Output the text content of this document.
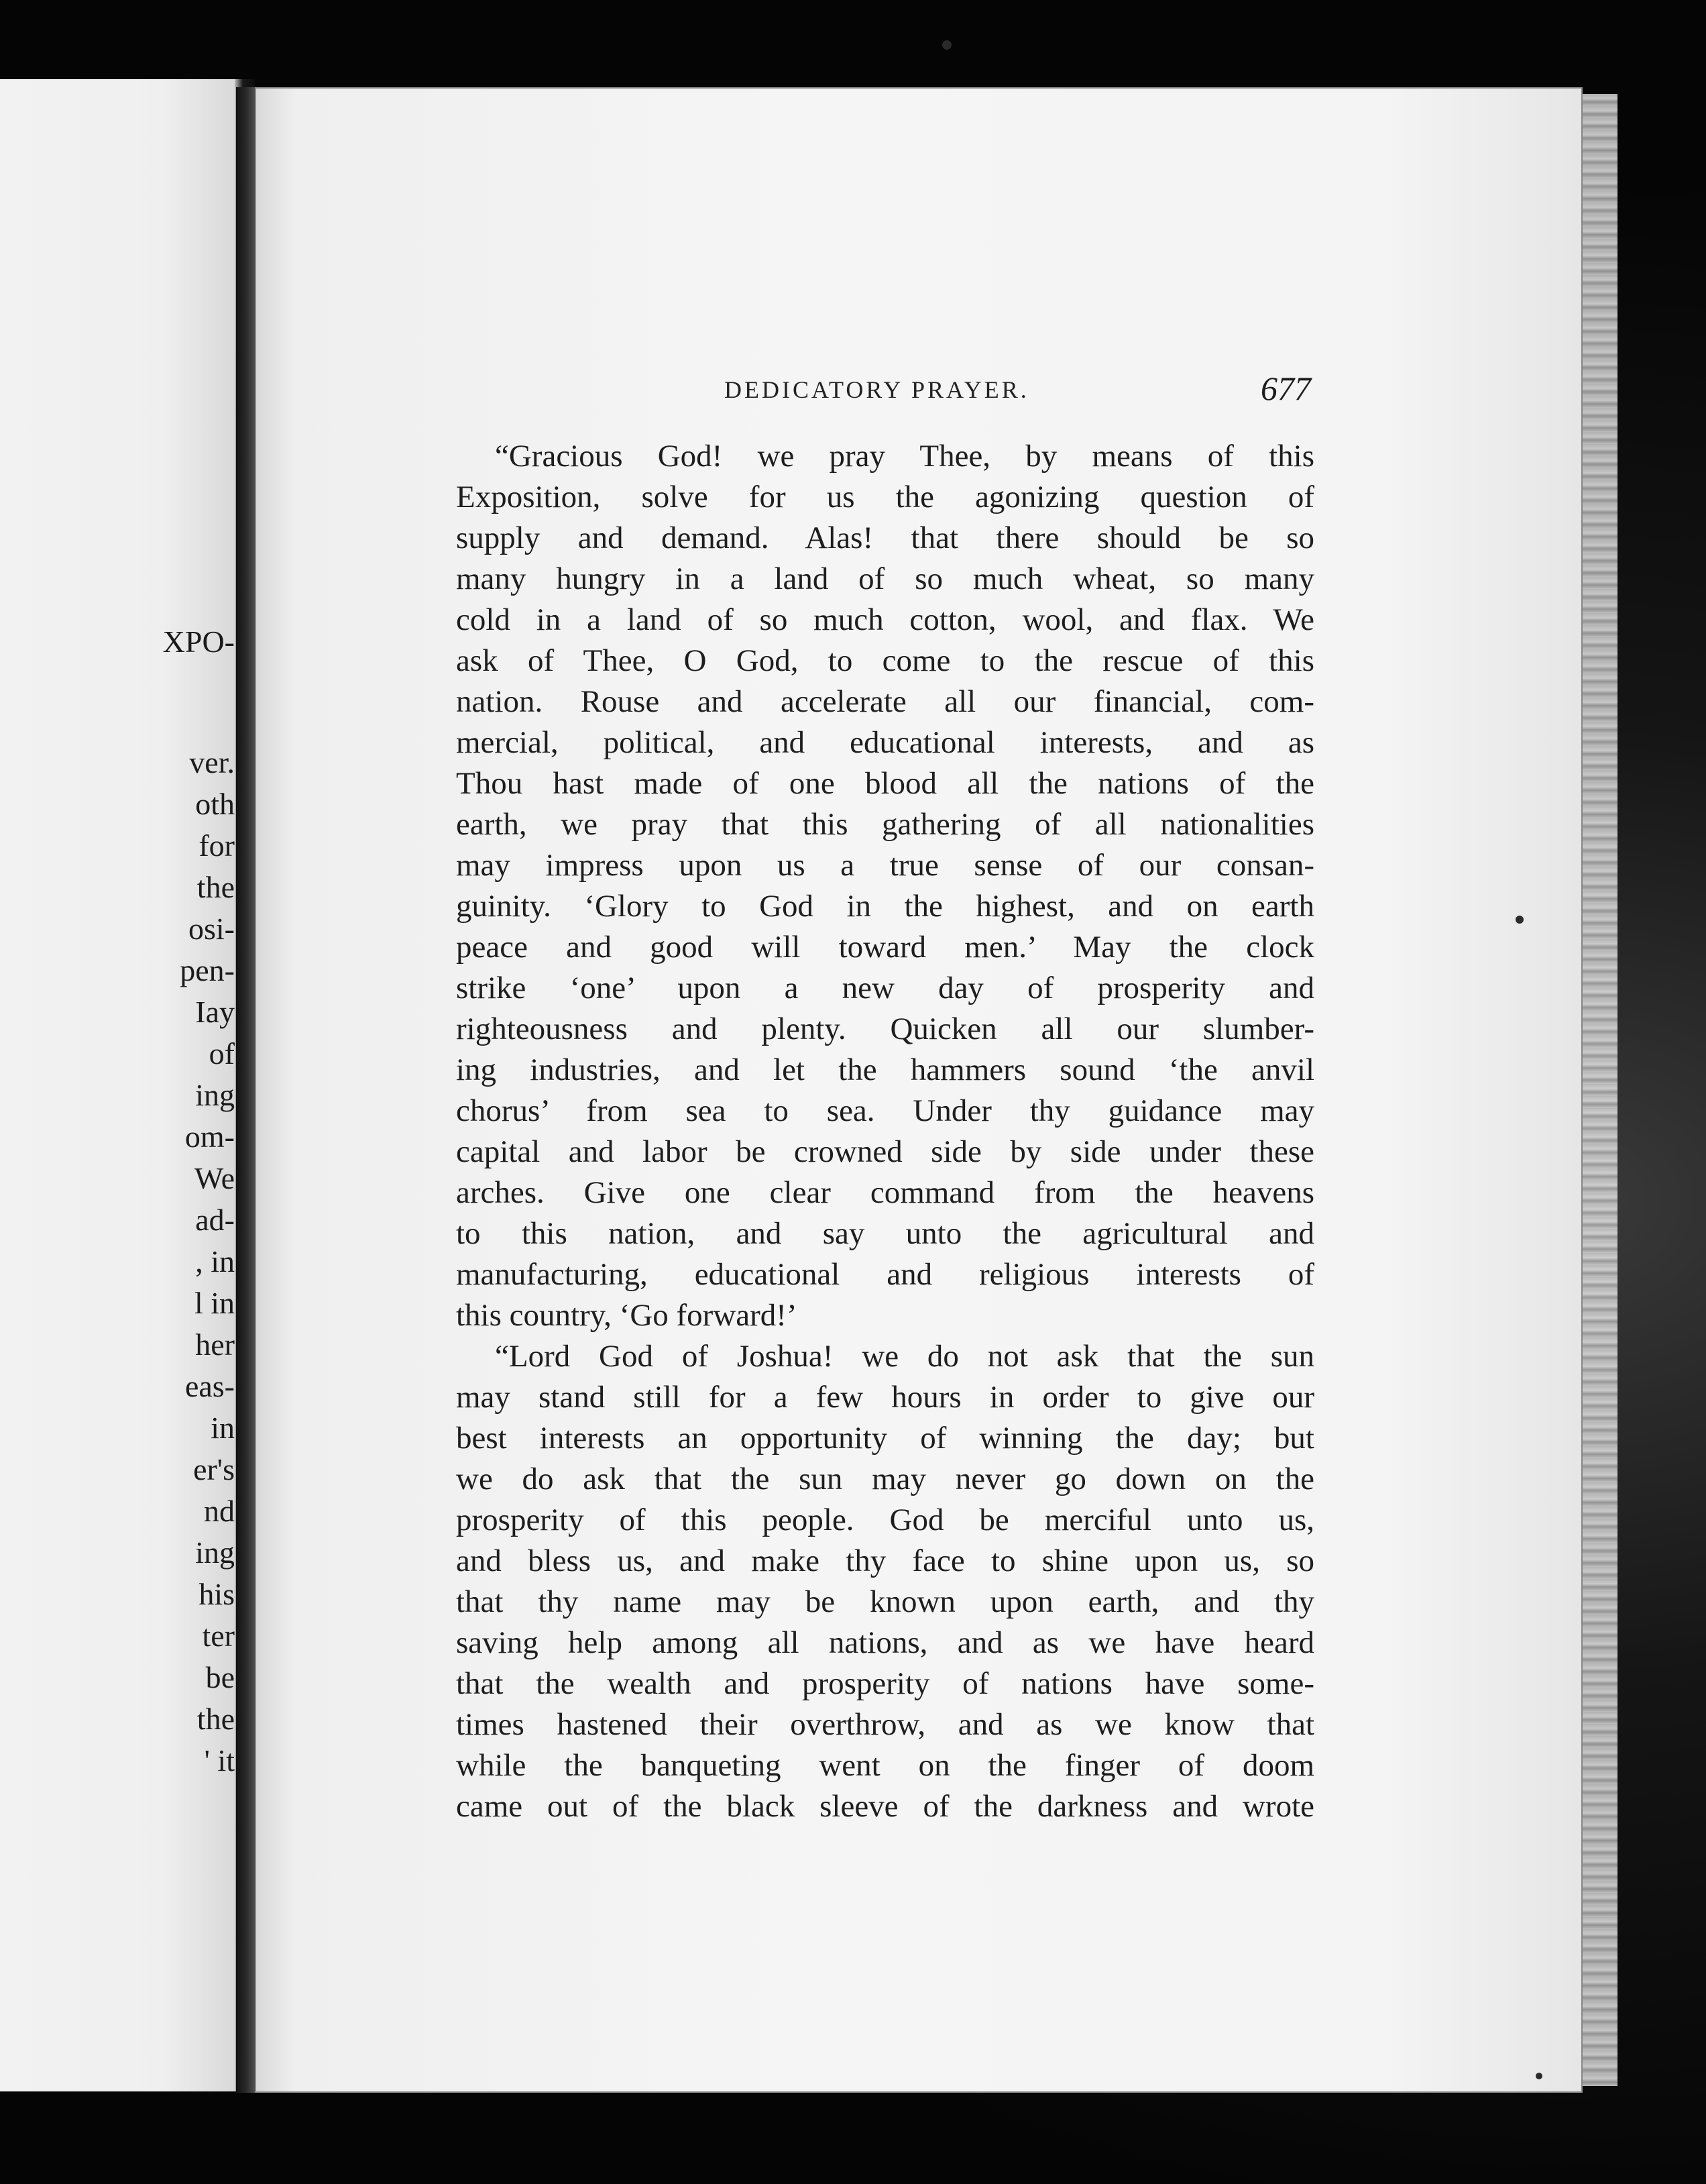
XPO-
ver.
oth
for
the
osi-
pen-
Iay
of
ing
om-
We
ad-
, in
l in
her
eas-
in
er's
nd
ing
his
ter
be
the
' it
DEDICATORY PRAYER.	677
“Gracious God! we pray Thee, by means of this
Exposition, solve for us the agonizing question of
supply and demand. Alas! that there should be so
many hungry in a land of so much wheat, so many
cold in a land of so much cotton, wool, and flax. We
ask of Thee, O God, to come to the rescue of this
nation. Rouse and accelerate all our financial, com-
mercial, political, and educational interests, and as
Thou hast made of one blood all the nations of the
earth, we pray that this gathering of all nationalities
may impress upon us a true sense of our consan-
guinity. ‘Glory to God in the highest, and on earth
peace and good will toward men.’ May the clock
strike ‘one’ upon a new day of prosperity and
righteousness and plenty. Quicken all our slumber-
ing industries, and let the hammers sound ‘the anvil
chorus’ from sea to sea. Under thy guidance may
capital and labor be crowned side by side under these
arches. Give one clear command from the heavens
to this nation, and say unto the agricultural and
manufacturing, educational and religious interests of
this country, ‘Go forward!’
“Lord God of Joshua! we do not ask that the sun
may stand still for a few hours in order to give our
best interests an opportunity of winning the day; but
we do ask that the sun may never go down on the
prosperity of this people. God be merciful unto us,
and bless us, and make thy face to shine upon us, so
that thy name may be known upon earth, and thy
saving help among all nations, and as we have heard
that the wealth and prosperity of nations have some-
times hastened their overthrow, and as we know that
while the banqueting went on the finger of doom
came out of the black sleeve of the darkness and wrote
